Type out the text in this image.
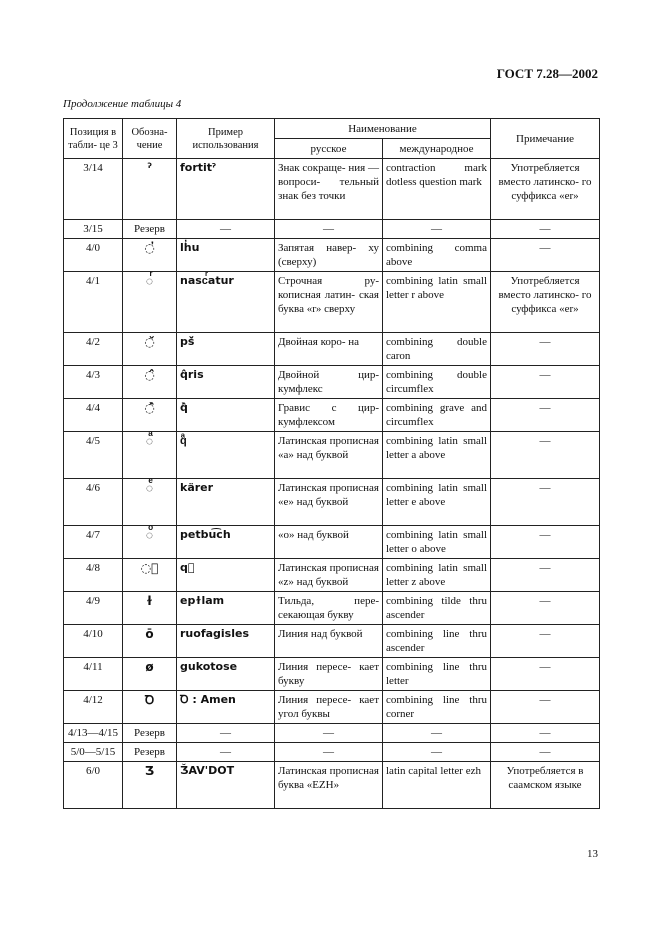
ГОСТ 7.28—2002
Продолжение таблицы 4
Позиция в табли- це 3	Обозна- чение	Пример использования	Наименование		Примечание
			русское	международное	
3/14	ˀ	fortitˀ	Знак сокраще- ния — вопроси- тельный знак без точки	contraction mark dotless question mark	Употребляется вместо латинско- го суффикса «er»
3/15	Резерв	—	—	—	—
4/0	◌̓	lh̓u	Запятая навер- ху (сверху)	combining comma above	—
4/1	◌ͬ	nascͬatur	Строчная ру- кописная латин- ская буква «r» сверху	combining latin small letter r above	Употребляется вместо латинско- го суффикса «er»
4/2	◌̌̌	pš̌	Двойная коро- на	combining double caron	—
4/3	◌̂̂	q̂̂ris	Двойной цир- кумфлекс	combining double circumflex	—
4/4	◌̂̀	q̂̀	Гравис с цир- кумфлексом	combining grave and circumflex	—
4/5	◌ͣ	qͣ	Латинская прописная «a» над буквой	combining latin small letter a above	—
4/6	◌ͤ	kärer	Латинская прописная «e» над буквой	combining latin small letter e above	—
4/7	◌ͦ	petbu͡ch	«o» над буквой	combining latin small letter o above	—
4/8	◌ᷦ	qᷦ	Латинская прописная «z» над буквой	combining latin small letter z above	—
4/9	ɫ	epɫlam	Тильда, пере- секающая букву	combining tilde thru ascender	—
4/10	ō	ruofagisles	Линия над буквой	combining line thru ascender	—
4/11	ø	gukotose	Линия пересе- кает букву	combining line thru letter	—
4/12	Ꝺ	Ꝺ : Amen	Линия пересе- кает угол буквы	combining line thru corner	—
4/13—4/15	Резерв	—	—	—	—
5/0—5/15	Резерв	—	—	—	—
6/0	Ʒ	ǮAV'DOT	Латинская прописная буква «EZH»	latin capital letter ezh	Употребляется в саамском языке
13
